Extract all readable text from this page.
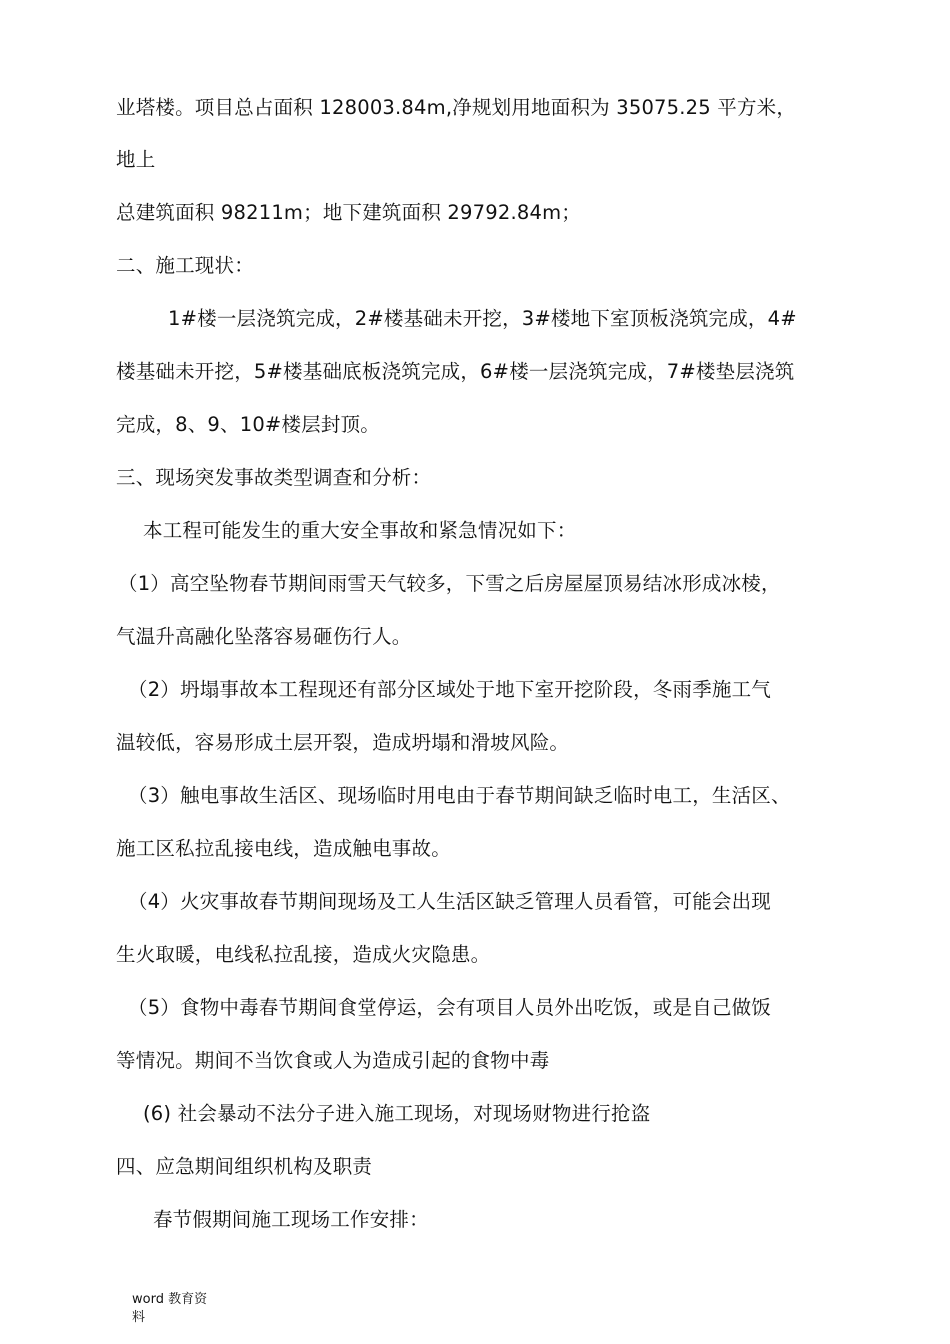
业塔楼。项目总占面积 128003.84m,净规划用地面积为 35075.25 平方米，
地上
总建筑面积 98211m；地下建筑面积 29792.84m；
二、施工现状：
1#楼一层浇筑完成，2#楼基础未开挖，3#楼地下室顶板浇筑完成，4#
楼基础未开挖，5#楼基础底板浇筑完成，6#楼一层浇筑完成，7#楼垫层浇筑
完成，8、9、10#楼层封顶。
三、现场突发事故类型调查和分析：
本工程可能发生的重大安全事故和紧急情况如下：
（1）高空坠物春节期间雨雪天气较多，下雪之后房屋屋顶易结冰形成冰棱，
气温升高融化坠落容易砸伤行人。
（2）坍塌事故本工程现还有部分区域处于地下室开挖阶段，冬雨季施工气
温较低，容易形成土层开裂，造成坍塌和滑坡风险。
（3）触电事故生活区、现场临时用电由于春节期间缺乏临时电工，生活区、
施工区私拉乱接电线，造成触电事故。
（4）火灾事故春节期间现场及工人生活区缺乏管理人员看管，可能会出现
生火取暖，电线私拉乱接，造成火灾隐患。
（5）食物中毒春节期间食堂停运，会有项目人员外出吃饭，或是自己做饭
等情况。期间不当饮食或人为造成引起的食物中毒
(6) 社会暴动不法分子进入施工现场，对现场财物进行抢盗
四、应急期间组织机构及职责
春节假期间施工现场工作安排：
word 教育资
料
